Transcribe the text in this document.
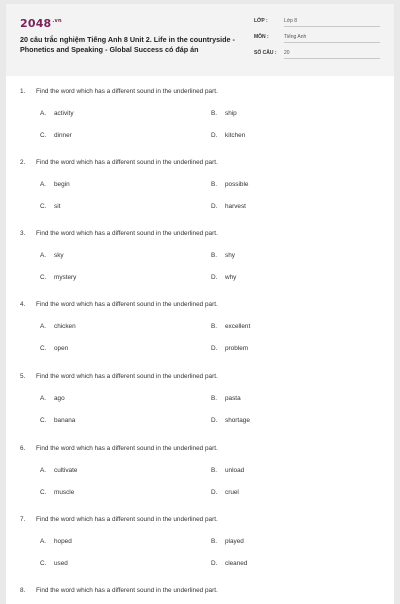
$2048^{.vn}$
20 câu trắc nghiệm Tiếng Anh 8 Unit 2. Life in the countryside - Phonetics and Speaking - Global Success có đáp án
LỚP :	Lớp 8
MÔN :	Tiếng Anh
SỐ CÂU : 20
1. Find the word which has a different sound in the underlined part.
A. activity	B. ship
C. dinner	D. kitchen
2. Find the word which has a different sound in the underlined part.
A. begin	B. possible
C. sit	D. harvest
3. Find the word which has a different sound in the underlined part.
A. sky	B. shy
C. mystery	D. why
4. Find the word which has a different sound in the underlined part.
A. chicken	B. excellent
C. open	D. problem
5. Find the word which has a different sound in the underlined part.
A. ago	B. pasta
C. banana	D. shortage
6. Find the word which has a different sound in the underlined part.
A. cultivate	B. unload
C. muscle	D. cruel
7. Find the word which has a different sound in the underlined part.
A. hoped	B. played
C. used	D. cleaned
8. Find the word which has a different sound in the underlined part.
